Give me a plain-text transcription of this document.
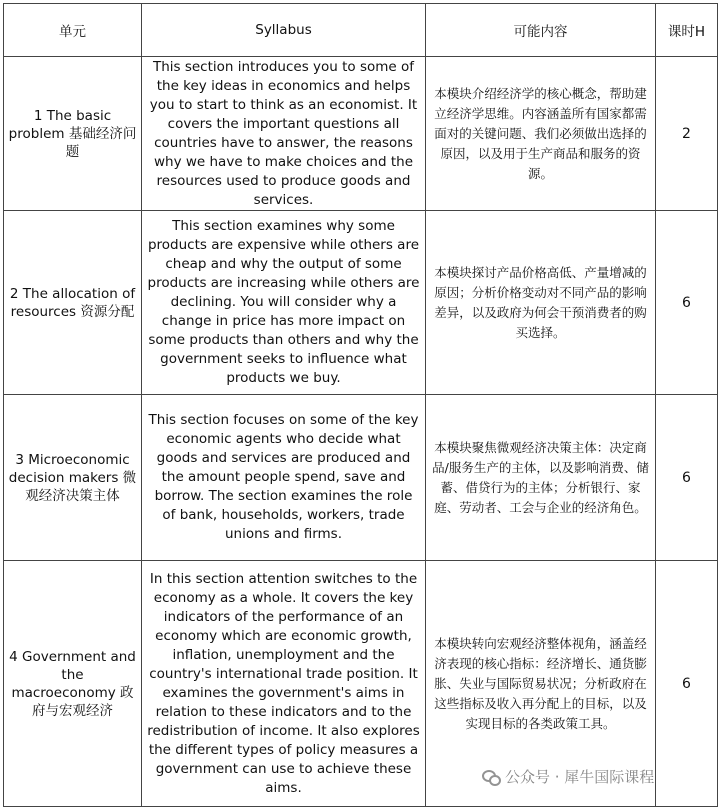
单元	Syllabus	可能内容	课时H
1 The basic problem 基础经济问题	This section introduces you to some of the key ideas in economics and helps you to start to think as an economist. It covers the important questions all countries have to answer, the reasons why we have to make choices and the resources used to produce goods and services.	本模块介绍经济学的核心概念，帮助建立经济学思维。内容涵盖所有国家都需面对的关键问题、我们必须做出选择的原因，以及用于生产商品和服务的资源。	2
2 The allocation of resources 资源分配	This section examines why some products are expensive while others are cheap and why the output of some products are increasing while others are declining. You will consider why a change in price has more impact on some products than others and why the government seeks to influence what products we buy.	本模块探讨产品价格高低、产量增减的原因；分析价格变动对不同产品的影响差异，以及政府为何会干预消费者的购买选择。	6
3 Microeconomic decision makers 微观经济决策主体	This section focuses on some of the key economic agents who decide what goods and services are produced and the amount people spend, save and borrow. The section examines the role of bank, households, workers, trade unions and firms.	本模块聚焦微观经济决策主体：决定商品/服务生产的主体，以及影响消费、储蓄、借贷行为的主体；分析银行、家庭、劳动者、工会与企业的经济角色。	6
4 Government and the macroeconomy 政府与宏观经济	In this section attention switches to the economy as a whole. It covers the key indicators of the performance of an economy which are economic growth, inflation, unemployment and the country's international trade position. It examines the government's aims in relation to these indicators and to the redistribution of income. It also explores the different types of policy measures a government can use to achieve these aims.	本模块转向宏观经济整体视角，涵盖经济表现的核心指标：经济增长、通货膨胀、失业与国际贸易状况；分析政府在这些指标及收入再分配上的目标，以及实现目标的各类政策工具。	6
公众号 · 犀牛国际课程
